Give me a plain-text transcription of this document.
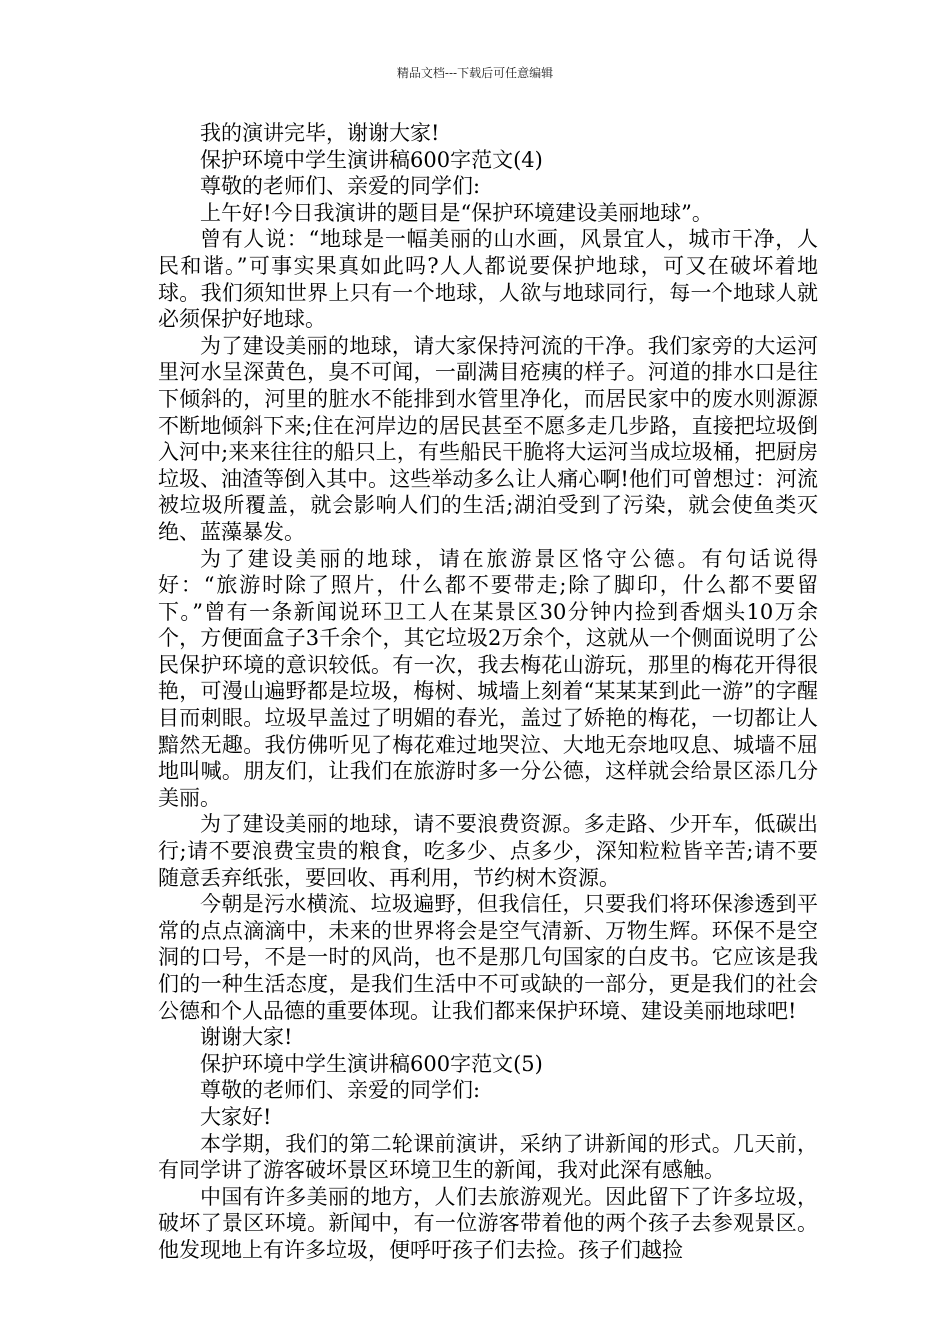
精品文档---下载后可任意编辑

我的演讲完毕，谢谢大家!

保护环境中学生演讲稿600字范文(4)

尊敬的老师们、亲爱的同学们:

上午好!今日我演讲的题目是“保护环境建设美丽地球”。

曾有人说：“地球是一幅美丽的山水画，风景宜人，城市干净，人民和谐。”可事实果真如此吗?人人都说要保护地球，可又在破坏着地球。我们须知世界上只有一个地球，人欲与地球同行，每一个地球人就必须保护好地球。

为了建设美丽的地球，请大家保持河流的干净。我们家旁的大运河里河水呈深黄色，臭不可闻，一副满目疮痍的样子。河道的排水口是往下倾斜的，河里的脏水不能排到水管里净化，而居民家中的废水则源源不断地倾斜下来;住在河岸边的居民甚至不愿多走几步路，直接把垃圾倒入河中;来来往往的船只上，有些船民干脆将大运河当成垃圾桶，把厨房垃圾、油渣等倒入其中。这些举动多么让人痛心啊!他们可曾想过：河流被垃圾所覆盖，就会影响人们的生活;湖泊受到了污染，就会使鱼类灭绝、蓝藻暴发。

为了建设美丽的地球，请在旅游景区恪守公德。有句话说得好：“旅游时除了照片，什么都不要带走;除了脚印，什么都不要留下。”曾有一条新闻说环卫工人在某景区30分钟内捡到香烟头10万余个，方便面盒子3千余个，其它垃圾2万余个，这就从一个侧面说明了公民保护环境的意识较低。有一次，我去梅花山游玩，那里的梅花开得很艳，可漫山遍野都是垃圾，梅树、城墙上刻着“某某某到此一游”的字醒目而刺眼。垃圾早盖过了明媚的春光，盖过了娇艳的梅花，一切都让人黯然无趣。我仿佛听见了梅花难过地哭泣、大地无奈地叹息、城墙不屈地叫喊。朋友们，让我们在旅游时多一分公德，这样就会给景区添几分美丽。

为了建设美丽的地球，请不要浪费资源。多走路、少开车，低碳出行;请不要浪费宝贵的粮食，吃多少、点多少，深知粒粒皆辛苦;请不要随意丢弃纸张，要回收、再利用，节约树木资源。

今朝是污水横流、垃圾遍野，但我信任，只要我们将环保渗透到平常的点点滴滴中，未来的世界将会是空气清新、万物生辉。环保不是空洞的口号，不是一时的风尚，也不是那几句国家的白皮书。它应该是我们的一种生活态度，是我们生活中不可或缺的一部分，更是我们的社会公德和个人品德的重要体现。让我们都来保护环境、建设美丽地球吧!

谢谢大家!

保护环境中学生演讲稿600字范文(5)

尊敬的老师们、亲爱的同学们:

大家好!

本学期，我们的第二轮课前演讲，采纳了讲新闻的形式。几天前，有同学讲了游客破坏景区环境卫生的新闻，我对此深有感触。

中国有许多美丽的地方，人们去旅游观光。因此留下了许多垃圾，破坏了景区环境。新闻中，有一位游客带着他的两个孩子去参观景区。他发现地上有许多垃圾，便呼吁孩子们去捡。孩子们越捡
